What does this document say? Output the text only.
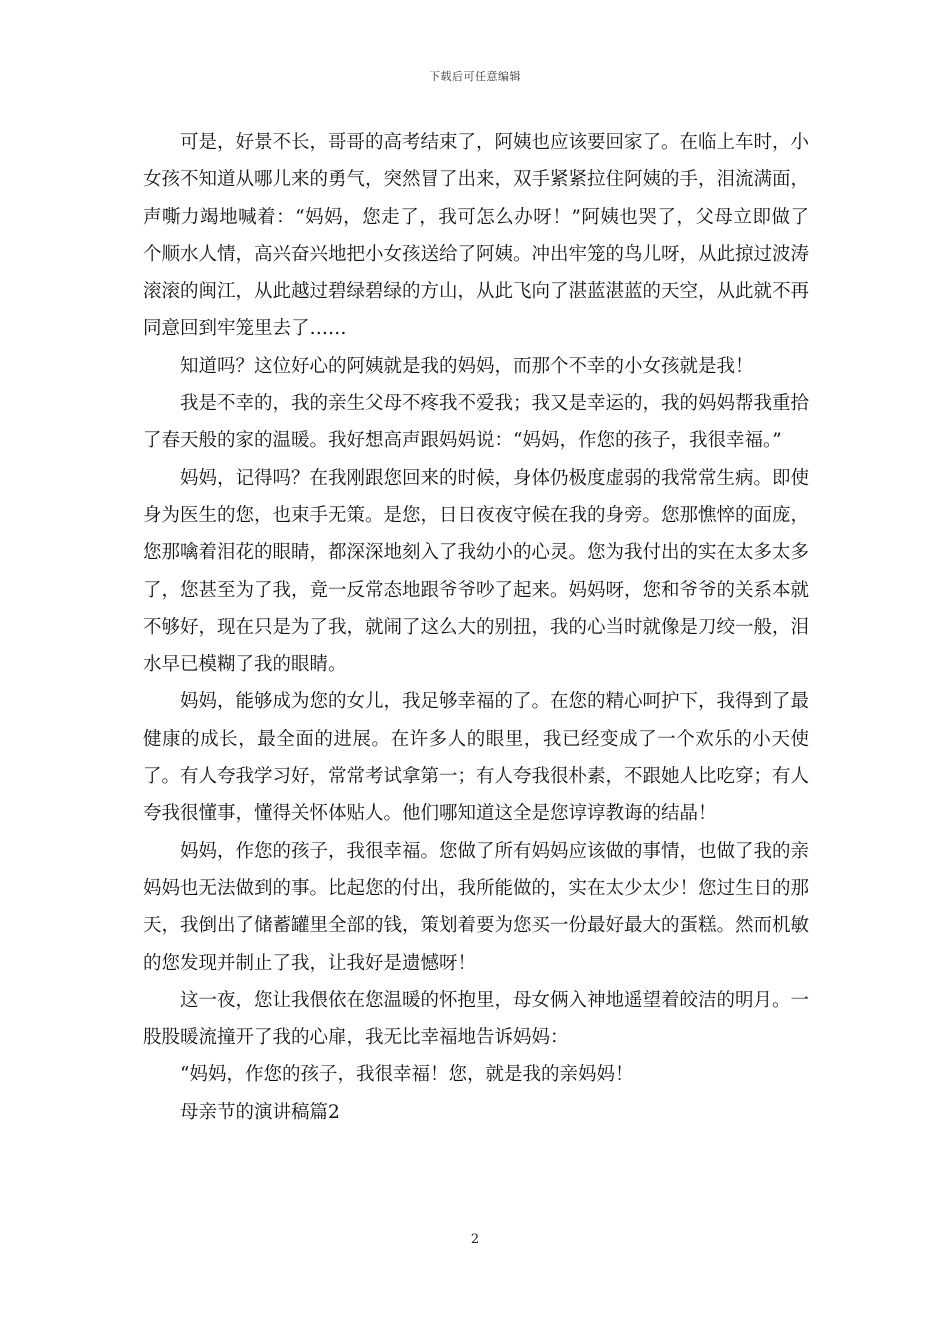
下载后可任意编辑

可是，好景不长，哥哥的高考结束了，阿姨也应该要回家了。在临上车时，小女孩不知道从哪儿来的勇气，突然冒了出来，双手紧紧拉住阿姨的手，泪流满面，声嘶力竭地喊着：“妈妈，您走了，我可怎么办呀！”阿姨也哭了，父母立即做了个顺水人情，高兴奋兴地把小女孩送给了阿姨。冲出牢笼的鸟儿呀，从此掠过波涛滚滚的闽江，从此越过碧绿碧绿的方山，从此飞向了湛蓝湛蓝的天空，从此就不再同意回到牢笼里去了……

知道吗？这位好心的阿姨就是我的妈妈，而那个不幸的小女孩就是我！

我是不幸的，我的亲生父母不疼我不爱我；我又是幸运的，我的妈妈帮我重拾了春天般的家的温暖。我好想高声跟妈妈说：“妈妈，作您的孩子，我很幸福。”

妈妈，记得吗？在我刚跟您回来的时候，身体仍极度虚弱的我常常生病。即使身为医生的您，也束手无策。是您，日日夜夜守候在我的身旁。您那憔悴的面庞，您那噙着泪花的眼睛，都深深地刻入了我幼小的心灵。您为我付出的实在太多太多了，您甚至为了我，竟一反常态地跟爷爷吵了起来。妈妈呀，您和爷爷的关系本就不够好，现在只是为了我，就闹了这么大的别扭，我的心当时就像是刀绞一般，泪水早已模糊了我的眼睛。

妈妈，能够成为您的女儿，我足够幸福的了。在您的精心呵护下，我得到了最健康的成长，最全面的进展。在许多人的眼里，我已经变成了一个欢乐的小天使了。有人夸我学习好，常常考试拿第一；有人夸我很朴素，不跟她人比吃穿；有人夸我很懂事，懂得关怀体贴人。他们哪知道这全是您谆谆教诲的结晶！

妈妈，作您的孩子，我很幸福。您做了所有妈妈应该做的事情，也做了我的亲妈妈也无法做到的事。比起您的付出，我所能做的，实在太少太少！您过生日的那天，我倒出了储蓄罐里全部的钱，策划着要为您买一份最好最大的蛋糕。然而机敏的您发现并制止了我，让我好是遗憾呀！

这一夜，您让我偎依在您温暖的怀抱里，母女俩入神地遥望着皎洁的明月。一股股暖流撞开了我的心扉，我无比幸福地告诉妈妈：

“妈妈，作您的孩子，我很幸福！您，就是我的亲妈妈！

母亲节的演讲稿篇2

2
